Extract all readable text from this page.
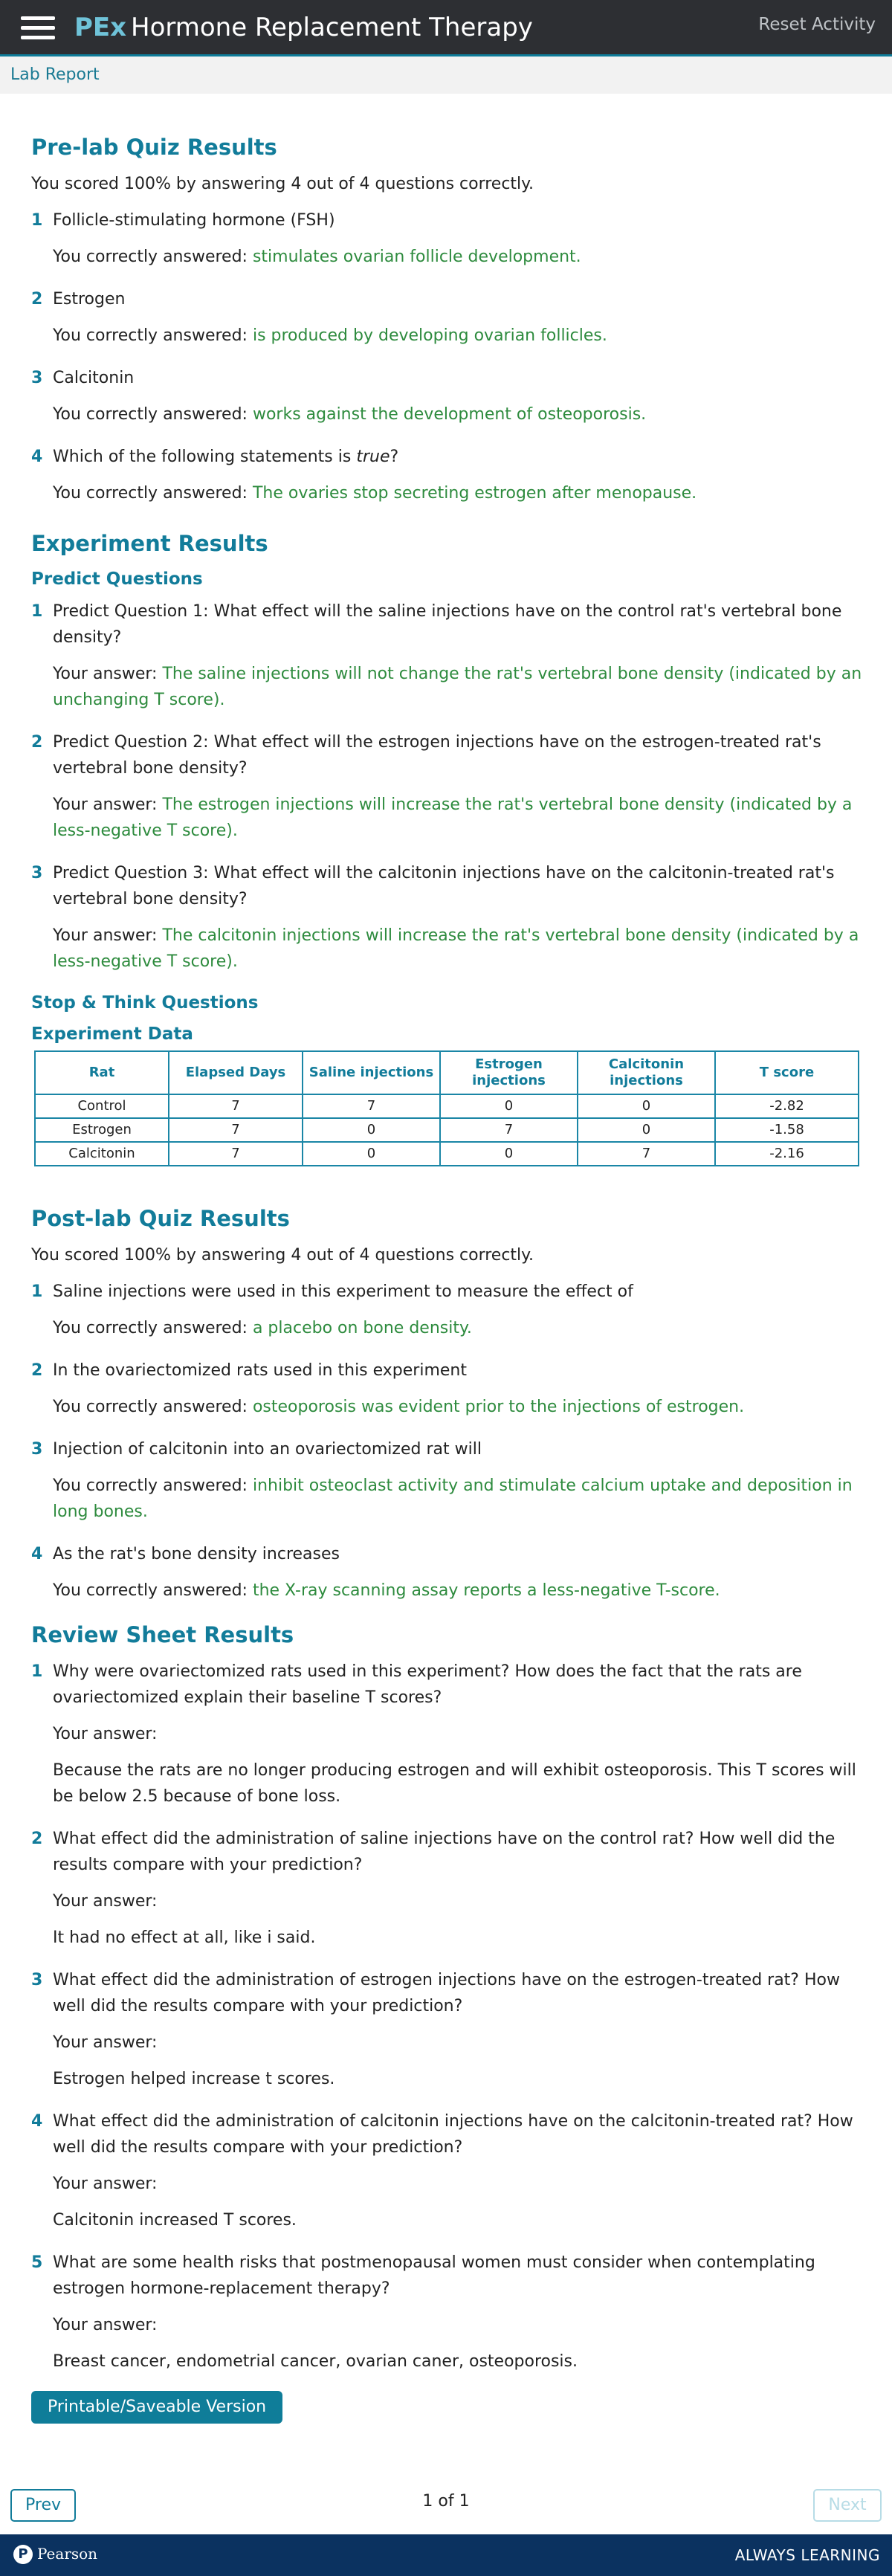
PEx Hormone Replacement Therapy	Reset Activity
Lab Report
Pre-lab Quiz Results
You scored 100% by answering 4 out of 4 questions correctly.
1 Follicle-stimulating hormone (FSH)
You correctly answered: stimulates ovarian follicle development.
2 Estrogen
You correctly answered: is produced by developing ovarian follicles.
3 Calcitonin
You correctly answered: works against the development of osteoporosis.
4 Which of the following statements is true?
You correctly answered: The ovaries stop secreting estrogen after menopause.
Experiment Results
Predict Questions
1 Predict Question 1: What effect will the saline injections have on the control rat's vertebral bone density?
Your answer: The saline injections will not change the rat's vertebral bone density (indicated by an unchanging T score).
2 Predict Question 2: What effect will the estrogen injections have on the estrogen-treated rat's vertebral bone density?
Your answer: The estrogen injections will increase the rat's vertebral bone density (indicated by a less-negative T score).
3 Predict Question 3: What effect will the calcitonin injections have on the calcitonin-treated rat's vertebral bone density?
Your answer: The calcitonin injections will increase the rat's vertebral bone density (indicated by a less-negative T score).
Stop & Think Questions
Experiment Data
Rat	Elapsed Days	Saline injections	Estrogen injections	Calcitonin injections	T score
Control	7	7	0	0	-2.82
Estrogen	7	0	7	0	-1.58
Calcitonin	7	0	0	7	-2.16
Post-lab Quiz Results
You scored 100% by answering 4 out of 4 questions correctly.
1 Saline injections were used in this experiment to measure the effect of
You correctly answered: a placebo on bone density.
2 In the ovariectomized rats used in this experiment
You correctly answered: osteoporosis was evident prior to the injections of estrogen.
3 Injection of calcitonin into an ovariectomized rat will
You correctly answered: inhibit osteoclast activity and stimulate calcium uptake and deposition in long bones.
4 As the rat's bone density increases
You correctly answered: the X-ray scanning assay reports a less-negative T-score.
Review Sheet Results
1 Why were ovariectomized rats used in this experiment? How does the fact that the rats are ovariectomized explain their baseline T scores?
Your answer:
Because the rats are no longer producing estrogen and will exhibit osteoporosis. This T scores will be below 2.5 because of bone loss.
2 What effect did the administration of saline injections have on the control rat? How well did the results compare with your prediction?
Your answer:
It had no effect at all, like i said.
3 What effect did the administration of estrogen injections have on the estrogen-treated rat? How well did the results compare with your prediction?
Your answer:
Estrogen helped increase t scores.
4 What effect did the administration of calcitonin injections have on the calcitonin-treated rat? How well did the results compare with your prediction?
Your answer:
Calcitonin increased T scores.
5 What are some health risks that postmenopausal women must consider when contemplating estrogen hormone-replacement therapy?
Your answer:
Breast cancer, endometrial cancer, ovarian caner, osteoporosis.
Printable/Saveable Version
Prev	1 of 1	Next
P Pearson	ALWAYS LEARNING
